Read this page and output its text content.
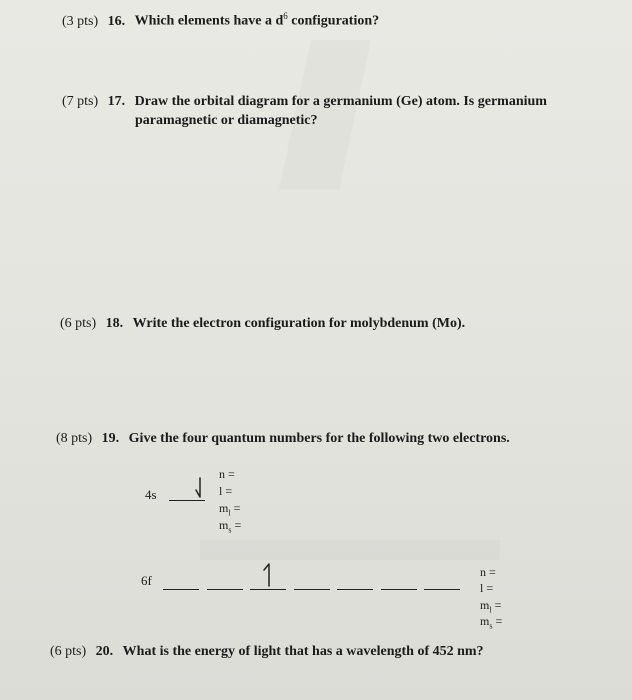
(3 pts) 16. Which elements have a $d^6$ configuration?
(7 pts) 17. Draw the orbital diagram for a germanium (Ge) atom. Is germanium
paramagnetic or diamagnetic?
(6 pts) 18. Write the electron configuration for molybdenum (Mo).
(8 pts) 19. Give the four quantum numbers for the following two electrons.
4s
n =
l =
$m_l$ =
$m_s$ =
6f
n =
l =
$m_l$ =
$m_s$ =
(6 pts) 20. What is the energy of light that has a wavelength of 452 nm?
